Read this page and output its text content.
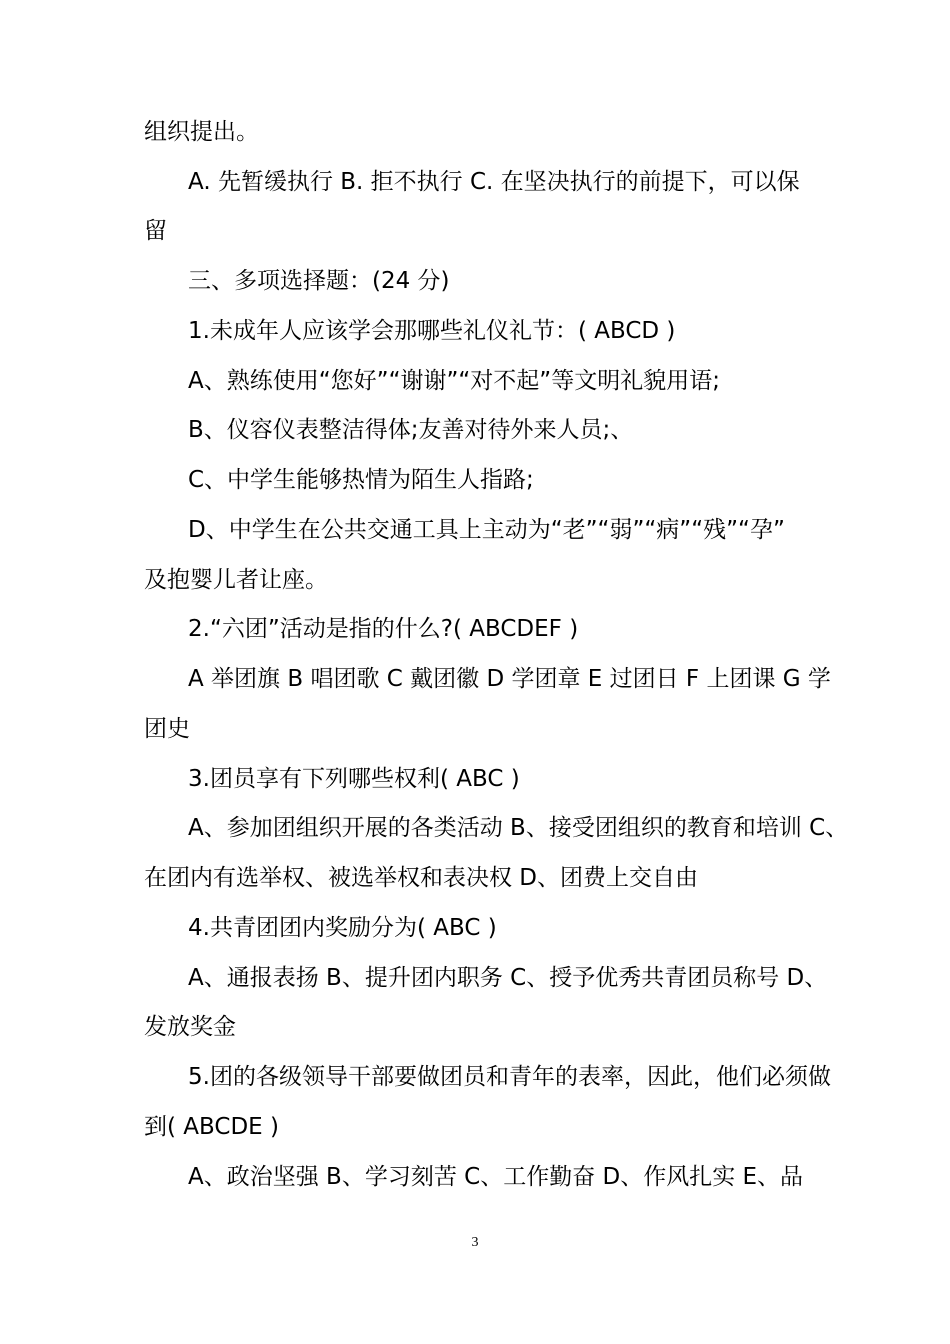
组织提出。
A. 先暂缓执行 B. 拒不执行 C. 在坚决执行的前提下，可以保
留
三、多项选择题：(24 分)
1.未成年人应该学会那哪些礼仪礼节：( ABCD )
A、熟练使用“您好”“谢谢”“对不起”等文明礼貌用语;
B、仪容仪表整洁得体;友善对待外来人员;、
C、中学生能够热情为陌生人指路;
D、中学生在公共交通工具上主动为“老”“弱”“病”“残”“孕”
及抱婴儿者让座。
2.“六团”活动是指的什么?( ABCDEF )
A 举团旗 B 唱团歌 C 戴团徽 D 学团章 E 过团日 F 上团课 G 学
团史
3.团员享有下列哪些权利( ABC )
A、参加团组织开展的各类活动 B、接受团组织的教育和培训 C、
在团内有选举权、被选举权和表决权 D、团费上交自由
4.共青团团内奖励分为( ABC )
A、通报表扬 B、提升团内职务 C、授予优秀共青团员称号 D、
发放奖金
5.团的各级领导干部要做团员和青年的表率，因此，他们必须做
到( ABCDE )
A、政治坚强 B、学习刻苦 C、工作勤奋 D、作风扎实 E、品
3
